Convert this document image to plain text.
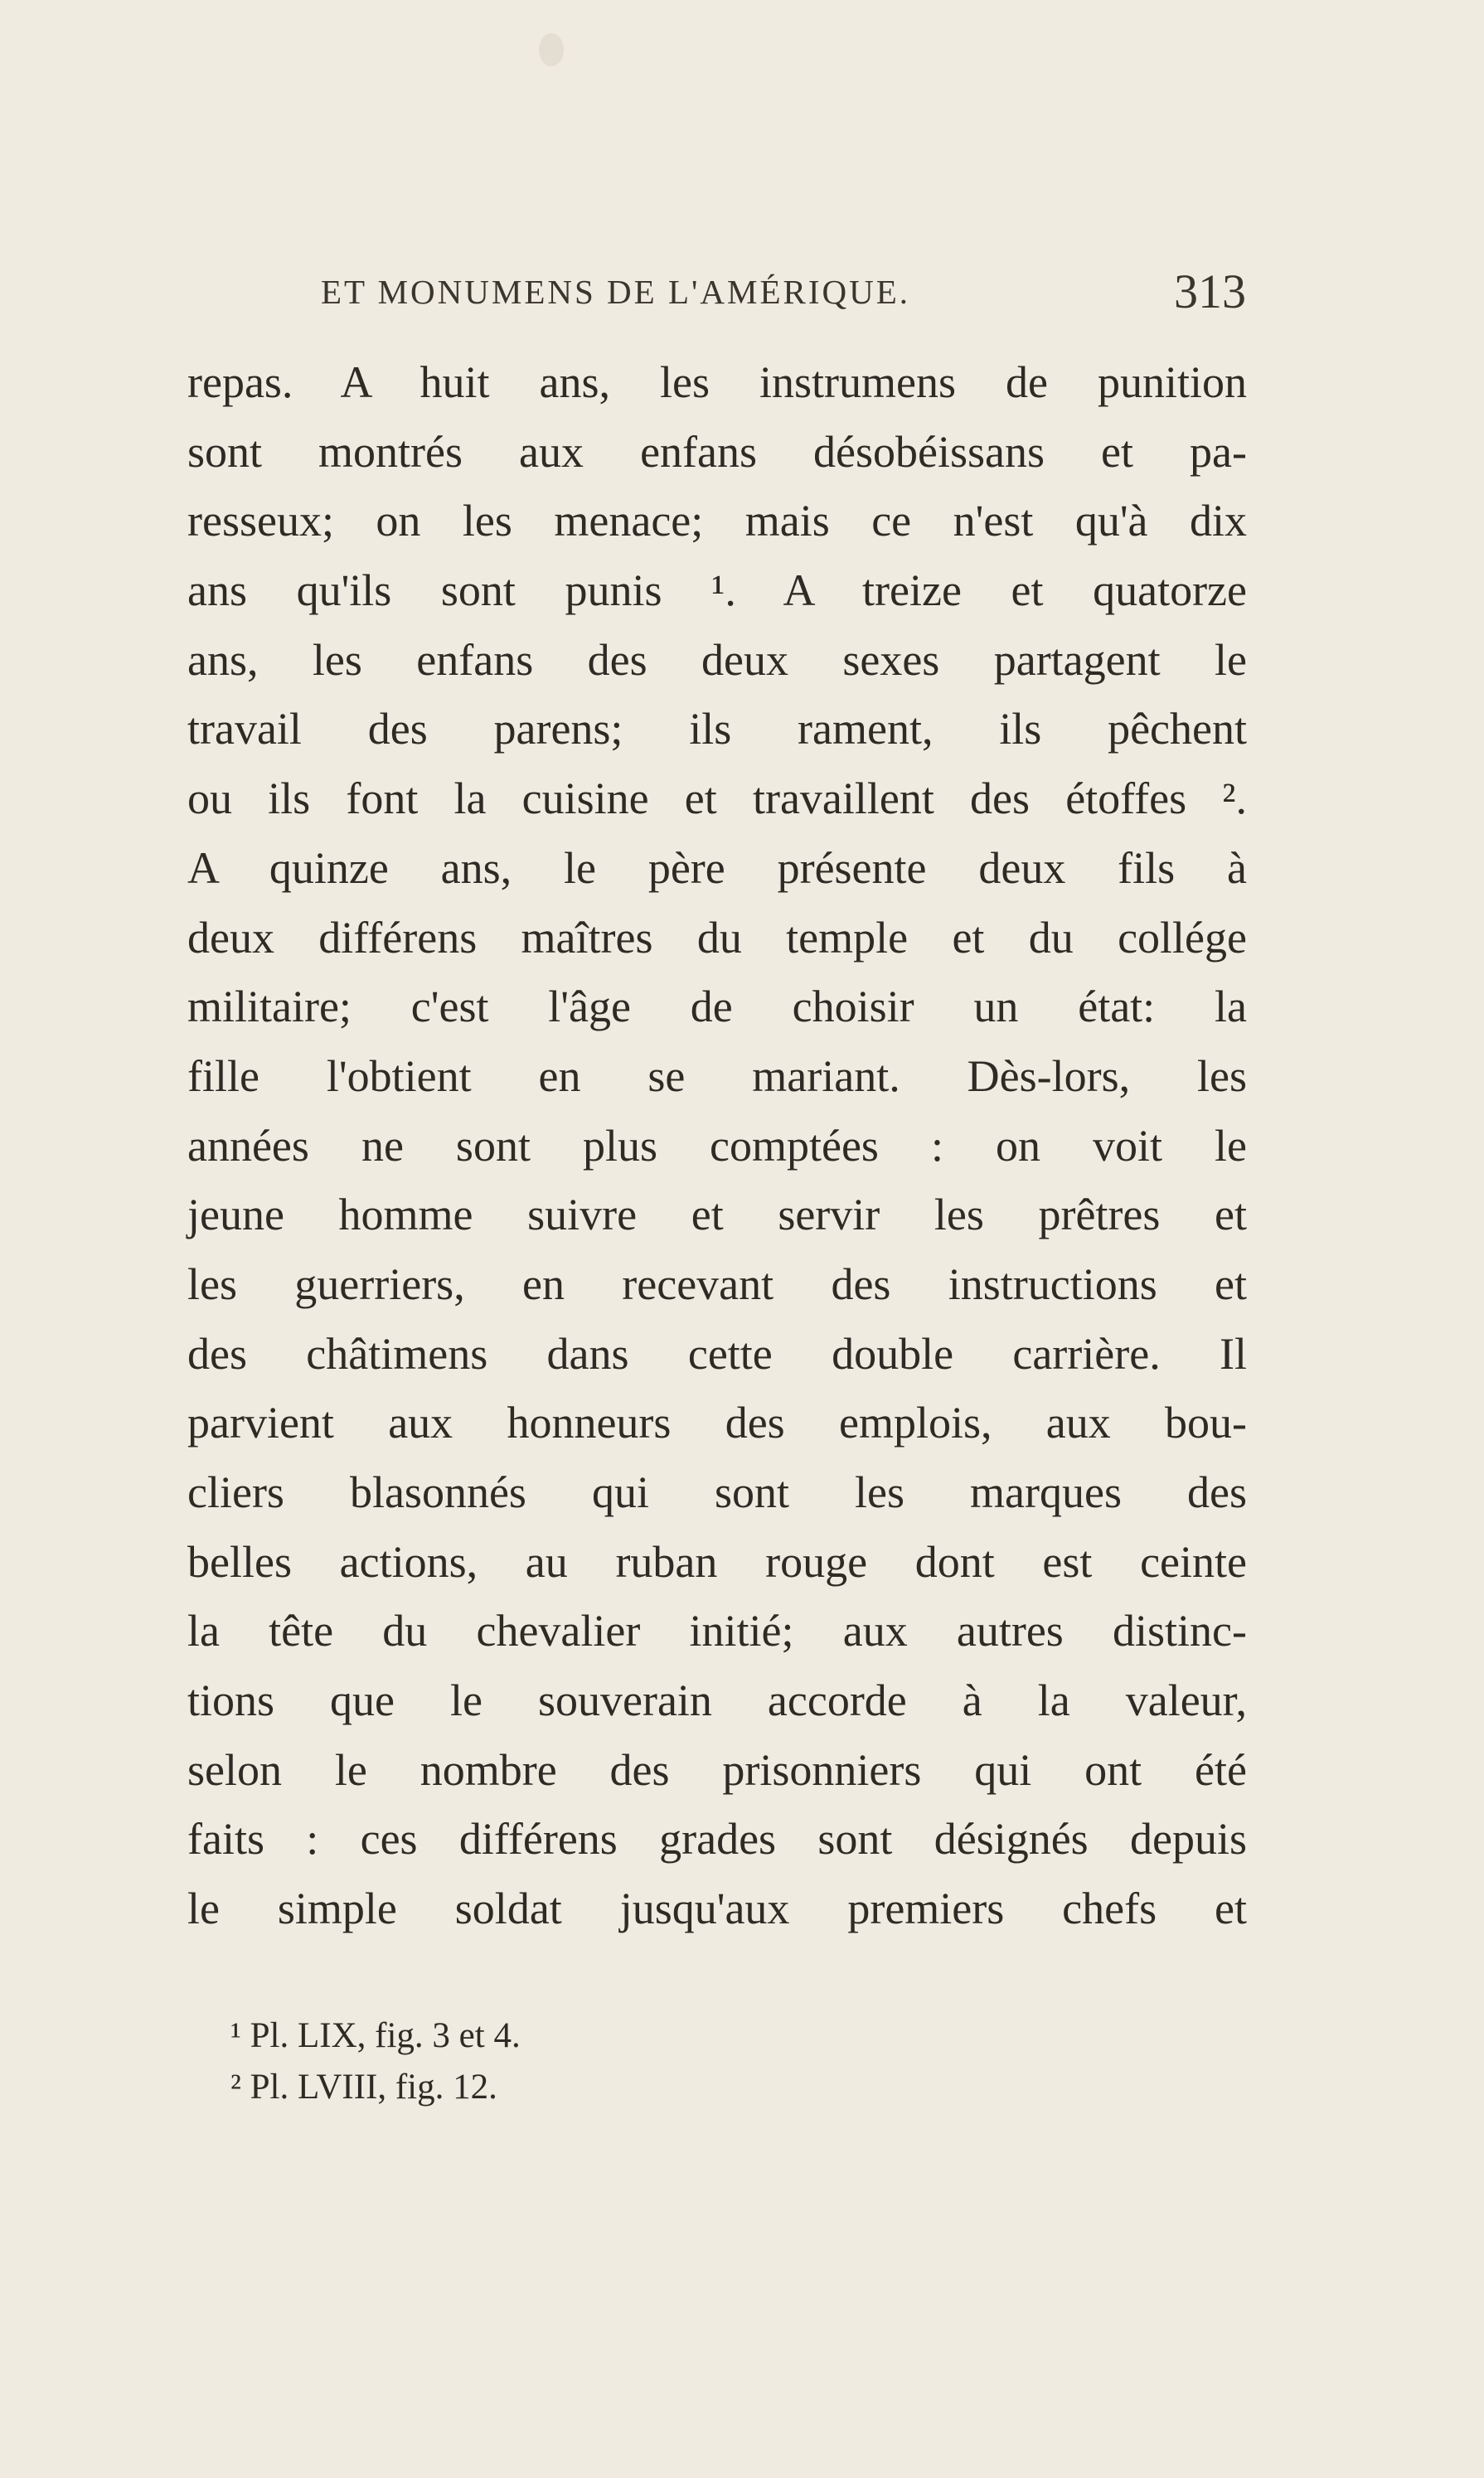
ET MONUMENS DE L'AMÉRIQUE.	313
repas. A huit ans, les instrumens de punition
sont montrés aux enfans désobéissans et pa-
resseux; on les menace; mais ce n'est qu'à dix
ans qu'ils sont punis ¹. A treize et quatorze
ans, les enfans des deux sexes partagent le
travail des parens; ils rament, ils pêchent
ou ils font la cuisine et travaillent des étoffes ².
A quinze ans, le père présente deux fils à
deux différens maîtres du temple et du collége
militaire; c'est l'âge de choisir un état: la
fille l'obtient en se mariant. Dès-lors, les
années ne sont plus comptées : on voit le
jeune homme suivre et servir les prêtres et
les guerriers, en recevant des instructions et
des châtimens dans cette double carrière. Il
parvient aux honneurs des emplois, aux bou-
cliers blasonnés qui sont les marques des
belles actions, au ruban rouge dont est ceinte
la tête du chevalier initié; aux autres distinc-
tions que le souverain accorde à la valeur,
selon le nombre des prisonniers qui ont été
faits : ces différens grades sont désignés depuis
le simple soldat jusqu'aux premiers chefs et
¹ Pl. LIX, fig. 3 et 4.
² Pl. LVIII, fig. 12.
